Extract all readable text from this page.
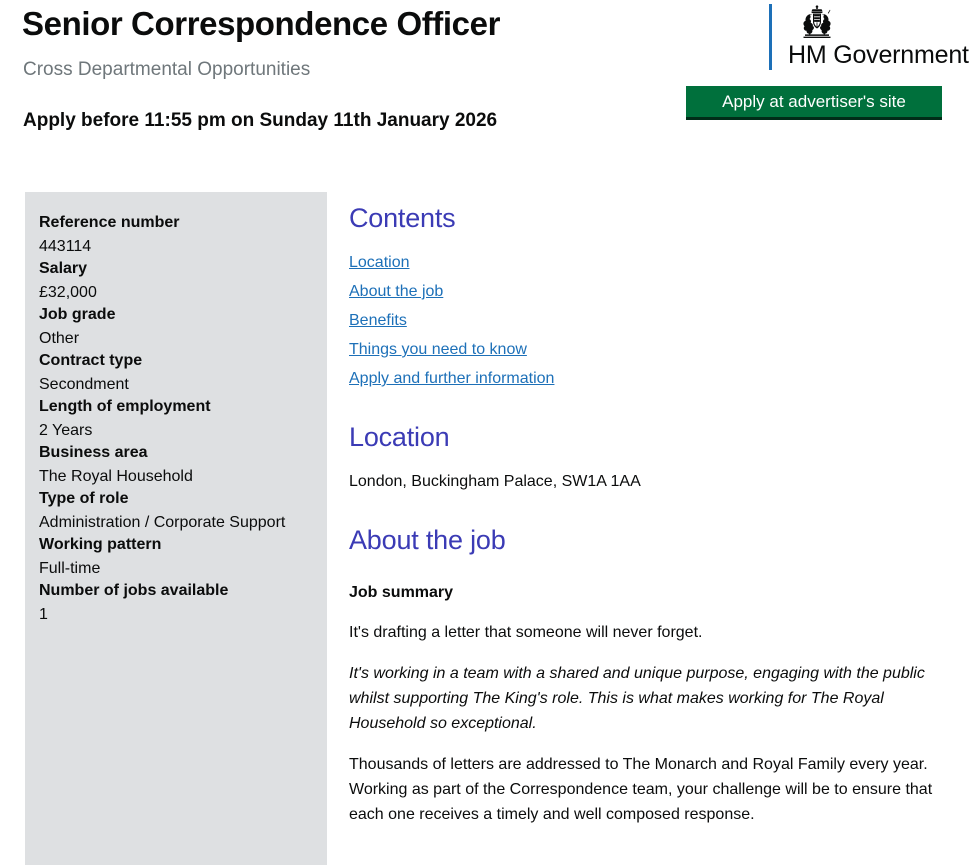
Senior Correspondence Officer
Cross Departmental Opportunities
Apply before 11:55 pm on Sunday 11th January 2026
HM Government
Apply at advertiser's site
Reference number
443114
Salary
£32,000
Job grade
Other
Contract type
Secondment
Length of employment
2 Years
Business area
The Royal Household
Type of role
Administration / Corporate Support
Working pattern
Full-time
Number of jobs available
1
Contents
Location
About the job
Benefits
Things you need to know
Apply and further information
Location

London, Buckingham Palace, SW1A 1AA

About the job
Job summary

It's drafting a letter that someone will never forget.

It's working in a team with a shared and unique purpose, engaging with the public whilst supporting The King's role. This is what makes working for The Royal Household so exceptional.

Thousands of letters are addressed to The Monarch and Royal Family every year. Working as part of the Correspondence team, your challenge will be to ensure that each one receives a timely and well composed response.
